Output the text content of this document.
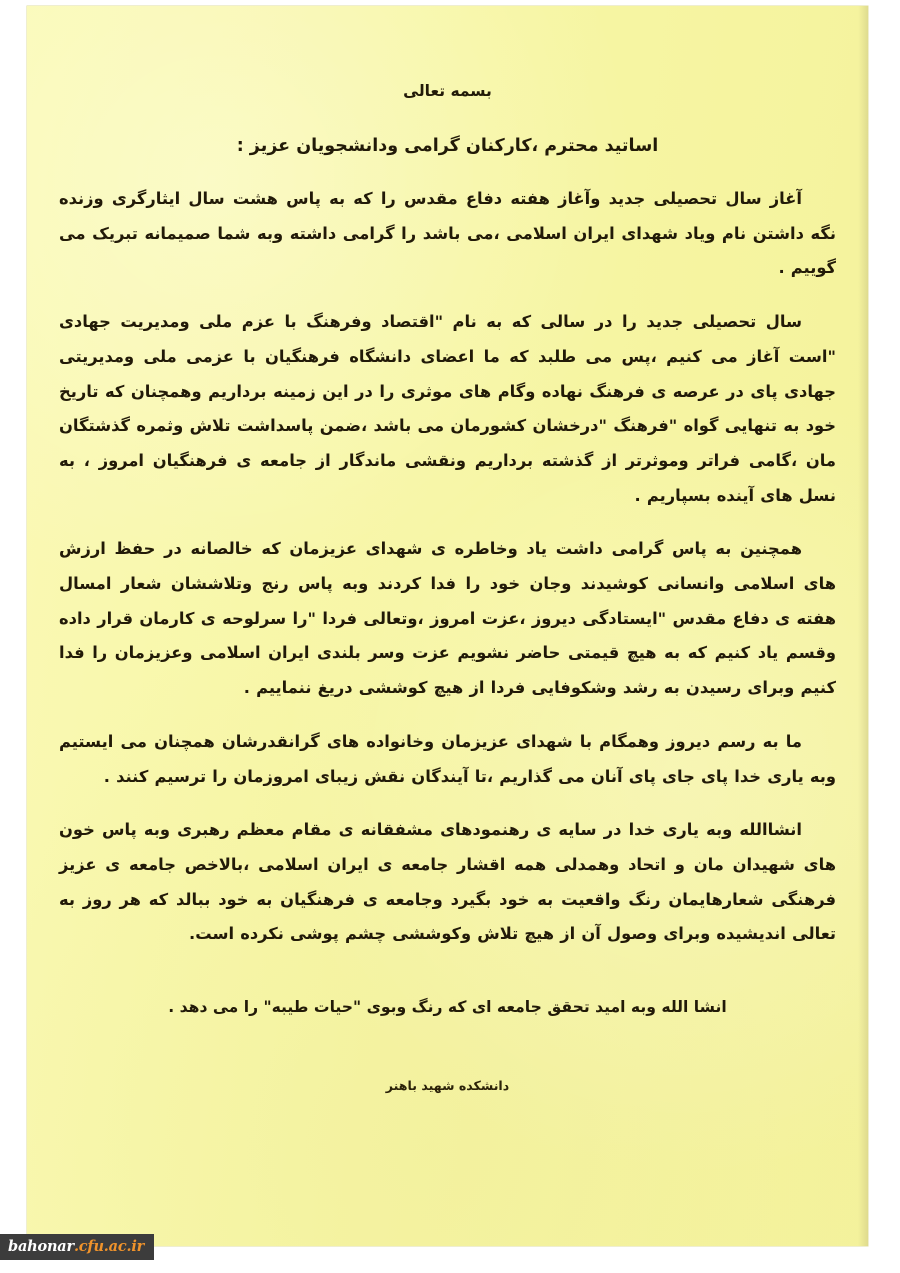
بسمه تعالی

اساتید محترم ،کارکنان گرامی ودانشجویان عزیز :

آغاز سال تحصیلی جدید وآغاز هفته دفاع مقدس را که به پاس هشت سال ایثارگری وزنده نگه داشتن نام ویاد شهدای ایران اسلامی ،می باشد را گرامی داشته وبه شما صمیمانه تبریک می گوییم .

سال تحصیلی جدید را در سالی که به نام "اقتصاد وفرهنگ با عزم ملی ومدیریت جهادی "است آغاز می کنیم ،پس می طلبد که ما اعضای دانشگاه فرهنگیان با عزمی ملی ومدیریتی جهادی پای در عرصه ی فرهنگ نهاده وگام های موثری را در این زمینه برداریم وهمچنان که تاریخ خود به تنهایی گواه "فرهنگ "درخشان کشورمان می باشد ،ضمن پاسداشت تلاش وثمره گذشتگان مان ،گامی فراتر وموثرتر از گذشته برداریم ونقشی ماندگار از جامعه ی فرهنگیان امروز ، به نسل های آینده بسپاریم .

همچنین به پاس گرامی داشت یاد وخاطره ی شهدای عزیزمان که خالصانه در حفظ ارزش های اسلامی وانسانی کوشیدند وجان خود را فدا کردند وبه پاس رنج وتلاششان شعار امسال هفته ی دفاع مقدس "ایستادگی دیروز ،عزت امروز ،وتعالی فردا "را سرلوحه ی کارمان قرار داده وقسم یاد کنیم که به هیچ قیمتی حاضر نشویم عزت وسر بلندی ایران اسلامی وعزیزمان را فدا کنیم وبرای رسیدن به رشد وشکوفایی فردا از هیچ کوششی دریغ ننماییم .

ما به رسم دیروز وهمگام با شهدای عزیزمان وخانواده های گرانقدرشان همچنان می ایستیم وبه یاری خدا پای جای پای آنان می گذاریم ،تا آیندگان نقش زیبای امروزمان را ترسیم کنند .

انشاالله وبه یاری خدا در سایه ی رهنمودهای مشفقانه ی مقام معظم رهبری وبه پاس خون های شهیدان مان و اتحاد وهمدلی همه اقشار جامعه ی ایران اسلامی ،بالاخص جامعه ی عزیز فرهنگی شعارهایمان رنگ واقعیت به خود بگیرد وجامعه ی فرهنگیان به خود ببالد که هر روز به تعالی اندیشیده وبرای وصول آن از هیچ تلاش وکوششی چشم پوشی نکرده است.

انشا الله وبه امید تحقق جامعه ای که رنگ وبوی "حیات طیبه" را می دهد .

دانشکده شهید باهنر

bahonar .cfu.ac.ir
